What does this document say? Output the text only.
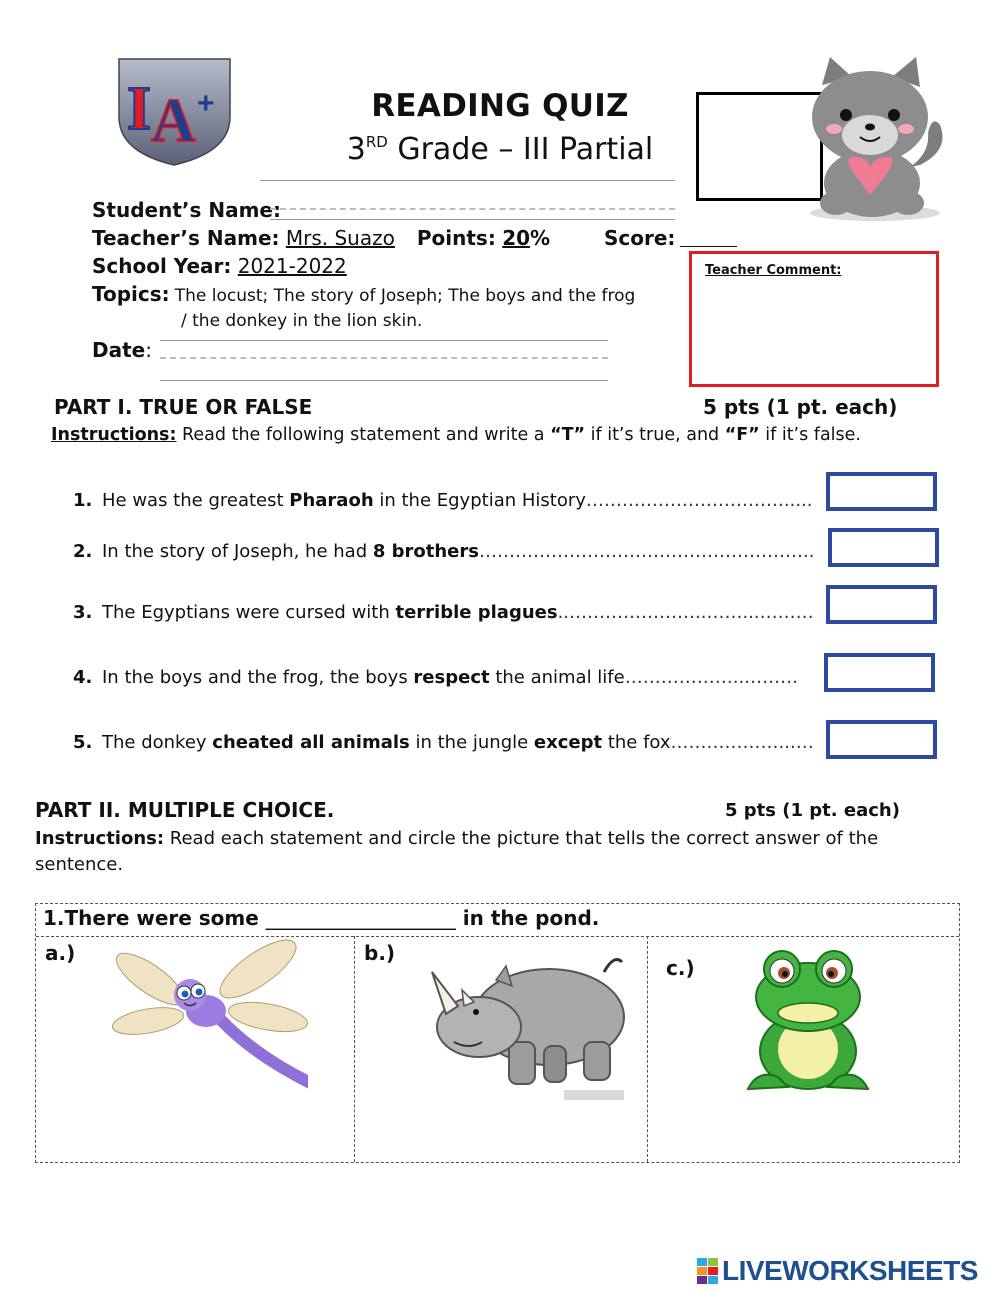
I A +	READING QUIZ
3RD Grade – III Partial
Student’s Name:
Teacher’s Name: Mrs. Suazo Points: 20%	Score:
School Year: 2021-2022
Topics: The locust; The story of Joseph; The boys and the frog
/ the donkey in the lion skin.
Date:
Teacher Comment:
PART I. TRUE OR FALSE	5 pts (1 pt. each)
Instructions: Read the following statement and write a “T” if it’s true, and “F” if it’s false.
1. He was the greatest Pharaoh in the Egyptian History…………………………….....
2. In the story of Joseph, he had 8 brothers………………………………………………..
3. The Egyptians were cursed with terrible plagues..…………………..……...………
4. In the boys and the frog, the boys respect the animal life………………..………
5. The donkey cheated all animals in the jungle except the fox………………...…
PART II. MULTIPLE CHOICE.	5 pts (1 pt. each)
Instructions: Read each statement and circle the picture that tells the correct answer of the sentence.
1.There were some ___________________ in the pond.
a.)	b.)
c.)
LIVEWORKSHEETS
